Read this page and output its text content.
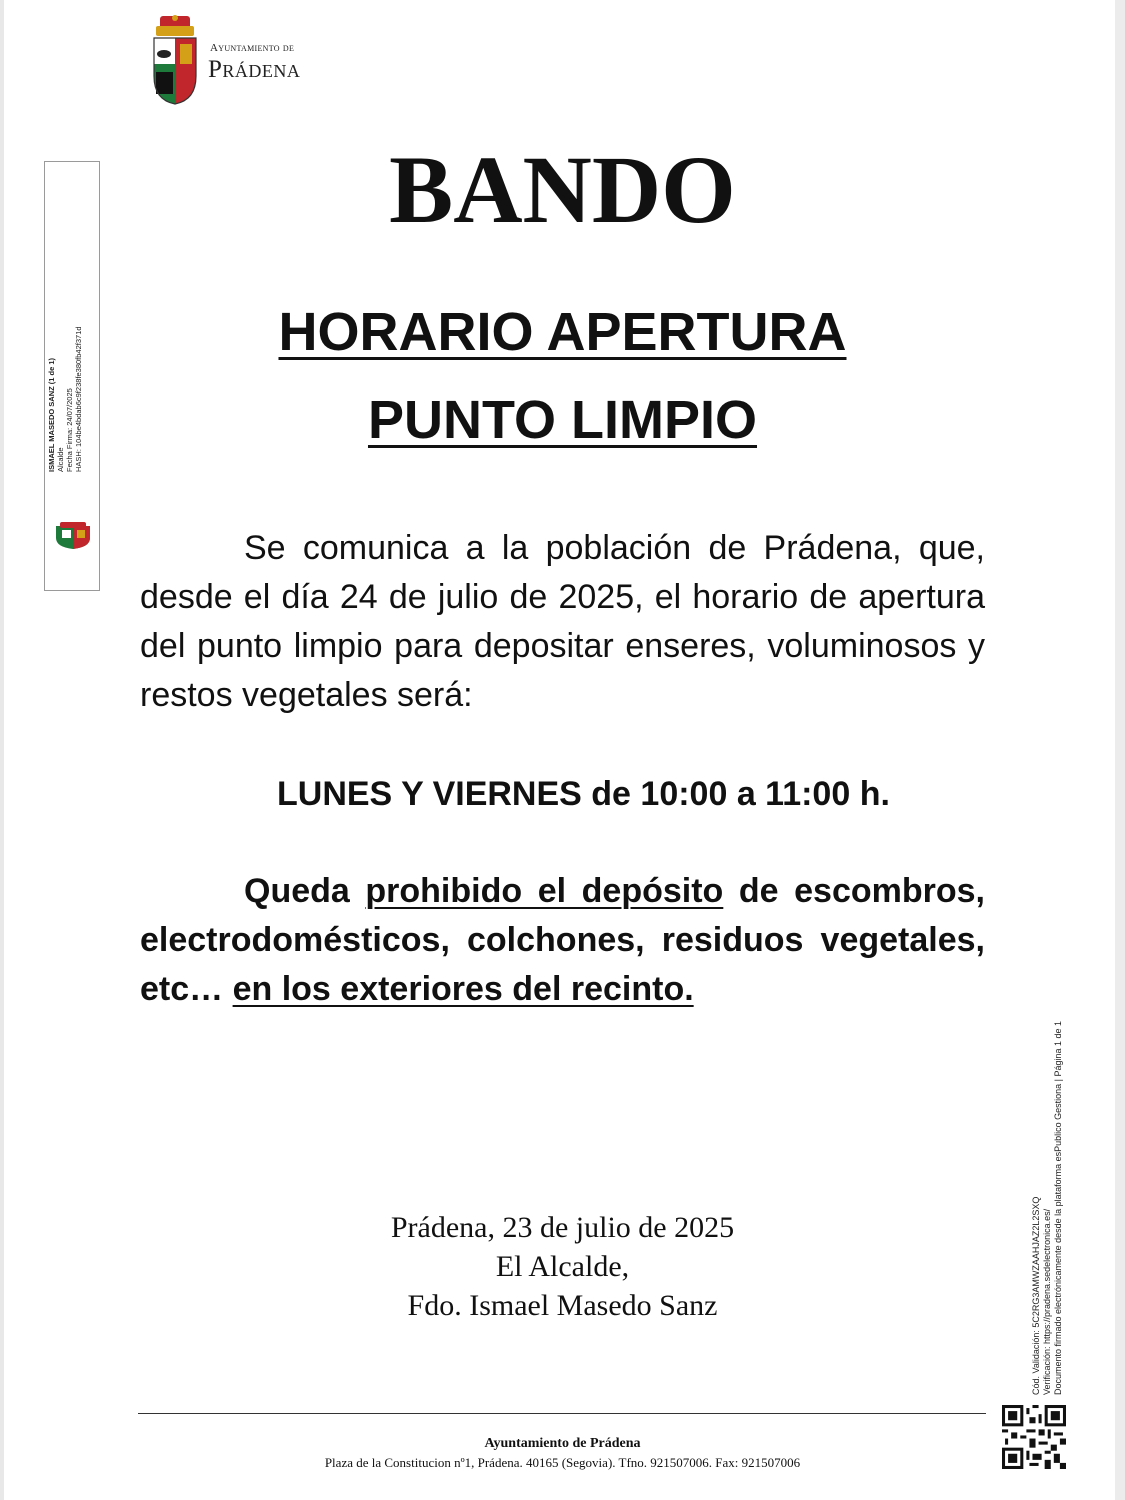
Ayuntamiento de
Prádena
ISMAEL MASEDO SANZ (1 de 1) Alcalde Fecha Firma: 24/07/2025 HASH: 104be4bdab6c9f238fe380fb42f371d
BANDO
HORARIO APERTURA
PUNTO LIMPIO
Se comunica a la población de Prádena, que, desde el día 24 de julio de 2025, el horario de apertura del punto limpio para depositar enseres, voluminosos y restos vegetales será:
LUNES Y VIERNES de 10:00 a 11:00 h.
Queda prohibido el depósito de escombros, electrodomésticos, colchones, residuos vegetales, etc… en los exteriores del recinto.
Prádena, 23 de julio de 2025
El Alcalde,
Fdo. Ismael Masedo Sanz	Cód. Validación: 5C2RG3AMWZAAHJAZ2L2SXQ Verificación: https://pradena.sedelectronica.es/ Documento firmado electrónicamente desde la plataforma esPublico Gestiona | Página 1 de 1
Ayuntamiento de Prádena
Plaza de la Constitucion nº1, Prádena. 40165 (Segovia). Tfno. 921507006. Fax: 921507006
